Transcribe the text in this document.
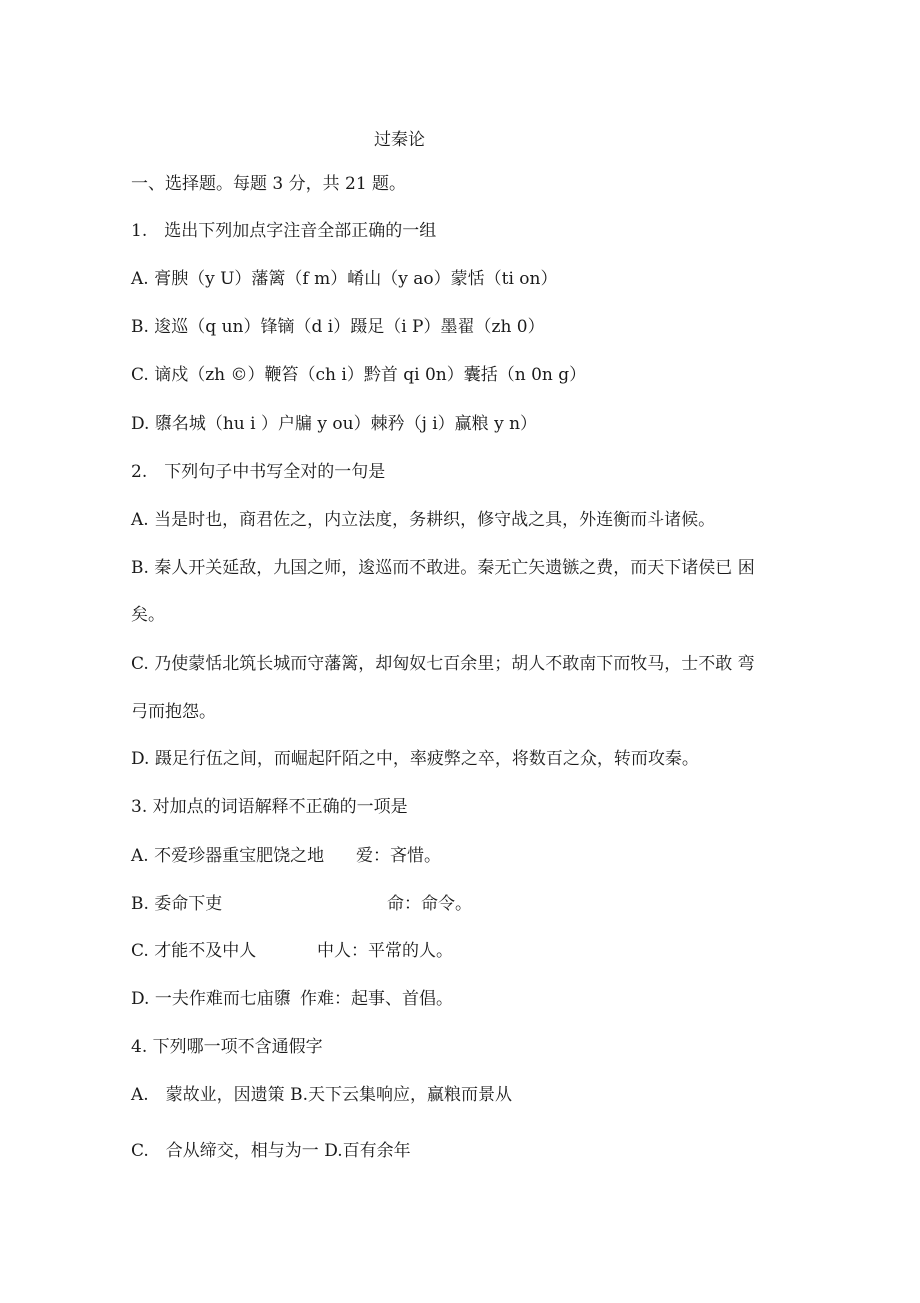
过秦论
一、选择题。每题 3 分，共 21 题。
1.　选出下列加点字注音全部正确的一组
A. 膏腴（y U）藩篱（f m）崤山（y ao）蒙恬（ti on）
B. 逡巡（q un）锋镝（d i）蹑足（i P）墨翟（zh 0）
C. 谪戍（zh ©）鞭笞（ch i）黔首 qi 0n）囊括（n 0n g）
D. 隳名城（hu i ）户牖 y ou）棘矜（j i）赢粮 y n）
2.　下列句子中书写全对的一句是
A. 当是时也，商君佐之，内立法度，务耕织，修守战之具，外连衡而斗诸候。
B. 秦人开关延敌，九国之师，逡巡而不敢进。秦无亡矢遗镞之费，而天下诸侯已 困
矣。
C. 乃使蒙恬北筑长城而守藩篱，却匈奴七百余里；胡人不敢南下而牧马，士不敢 弯
弓而抱怨。
D. 蹑足行伍之间，而崛起阡陌之中，率疲弊之卒，将数百之众，转而攻秦。
3. 对加点的词语解释不正确的一项是
A. 不爱珍器重宝肥饶之地 爱：吝惜。
B. 委命下吏	命：命令。
C. 才能不及中人	中人：平常的人。
D. 一夫作难而七庙隳 作难：起事、首倡。
4. 下列哪一项不含通假字
A.　蒙故业，因遗策 B.天下云集响应，赢粮而景从
C.　合从缔交，相与为一 D.百有余年
